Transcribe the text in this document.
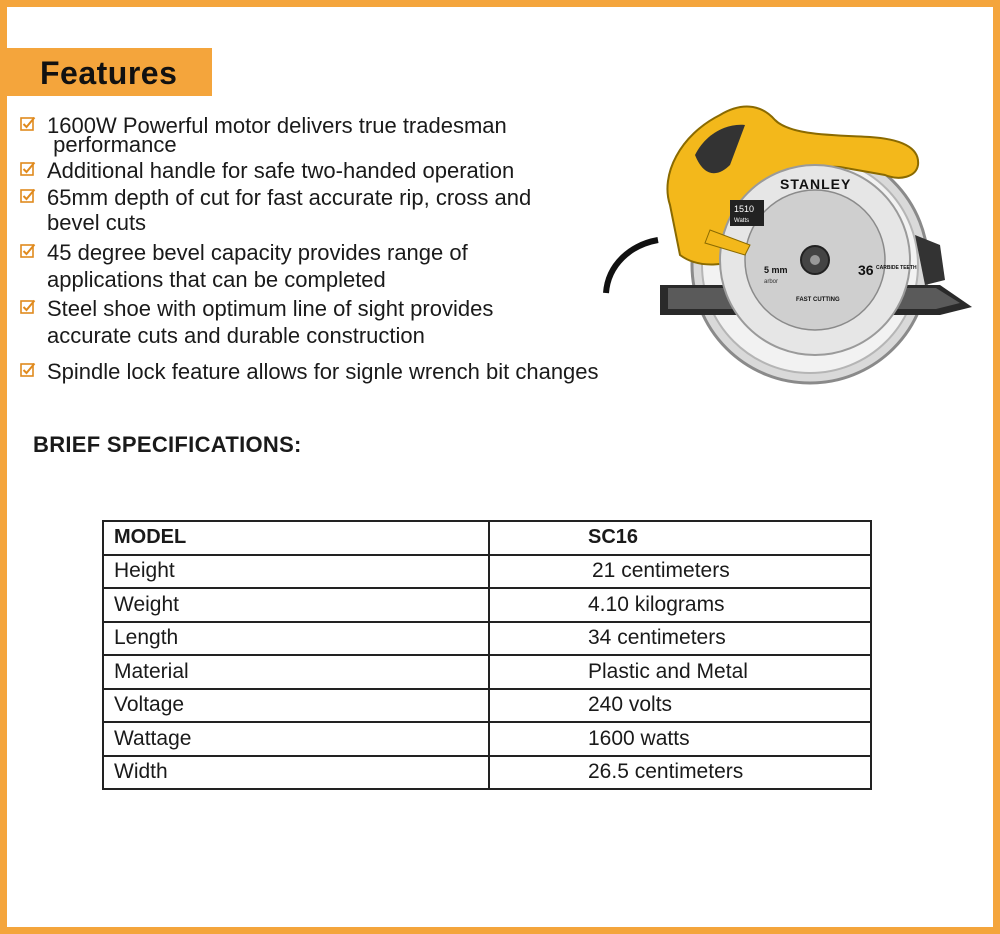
Features
1600W Powerful motor delivers true tradesman
performance
Additional handle for safe two-handed operation
65mm depth of cut for fast accurate rip, cross and
bevel cuts
45 degree bevel capacity provides range of
applications that can be completed
Steel shoe with optimum line of sight provides
accurate cuts and durable construction
Spindle lock feature allows for signle wrench bit changes
1510
Watts
STANLEY
36 CARBIDE TEETH
5 mm
arbor
FAST CUTTING
BRIEF SPECIFICATIONS:
MODEL	SC16
Height	21 centimeters
Weight	4.10 kilograms
Length	34 centimeters
Material	Plastic and Metal
Voltage	240 volts
Wattage	1600 watts
Width	26.5 centimeters
